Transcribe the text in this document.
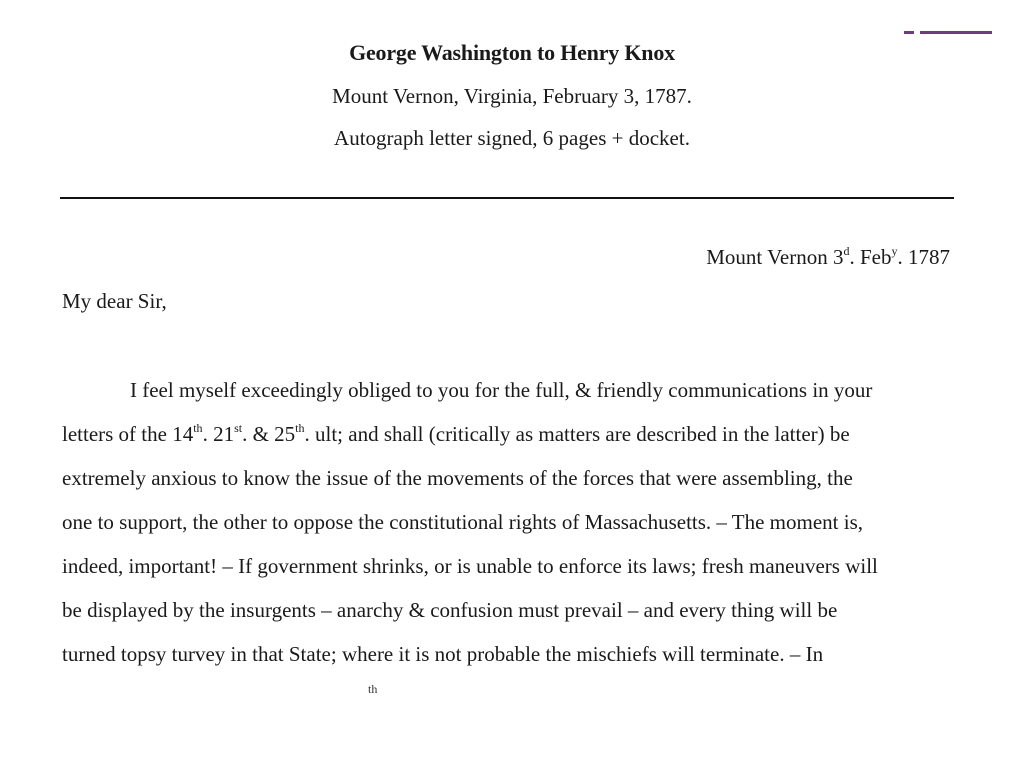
George Washington to Henry Knox
Mount Vernon, Virginia, February 3, 1787.
Autograph letter signed, 6 pages + docket.
Mount Vernon 3$^d$. Feb$^y$. 1787
My dear Sir,
I feel myself exceedingly obliged to you for the full, & friendly communications in your
letters of the 14th. 21st. & 25th. ult; and shall (critically as matters are described in the latter) be
extremely anxious to know the issue of the movements of the forces that were assembling, the
one to support, the other to oppose the constitutional rights of Massachusetts. – The moment is,
indeed, important! – If government shrinks, or is unable to enforce its laws; fresh maneuvers will
be displayed by the insurgents – anarchy & confusion must prevail – and every thing will be
turned topsy turvey in that State; where it is not probable the mischiefs will terminate. – In
th
